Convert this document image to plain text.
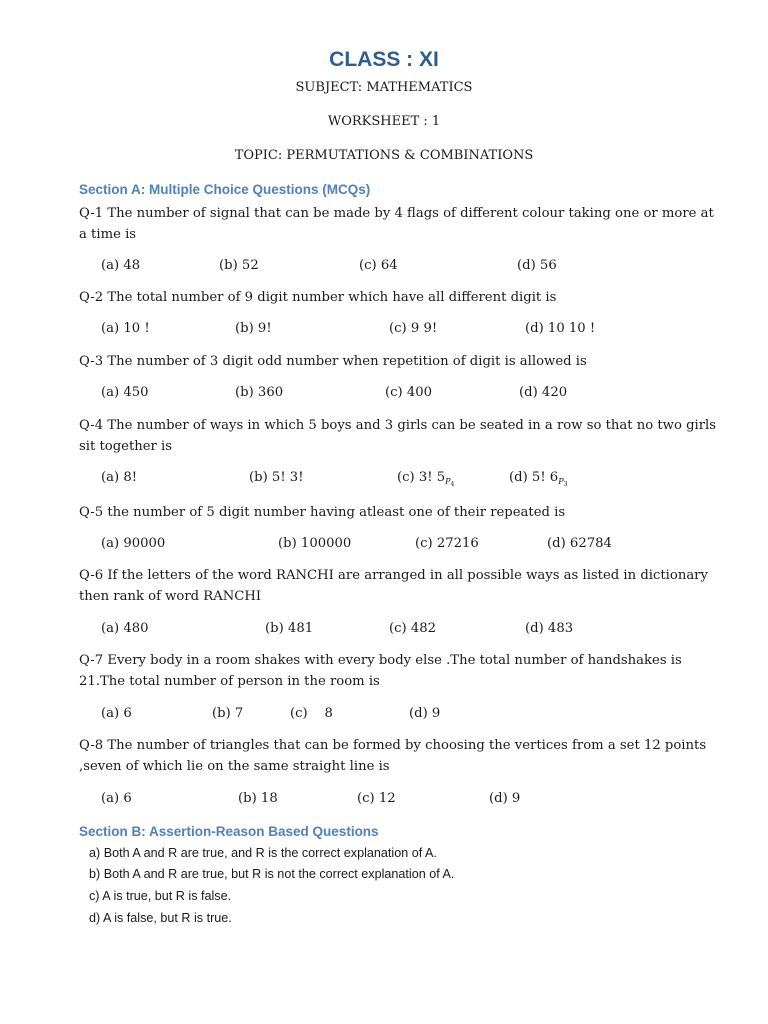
CLASS : XI

SUBJECT: MATHEMATICS

WORKSHEET : 1

TOPIC: PERMUTATIONS & COMBINATIONS

Section A: Multiple Choice Questions (MCQs)

Q-1 The number of signal that can be made by 4 flags of different colour taking one or more at a time is

(a) 48	(b) 52	(c) 64	(d) 56

Q-2 The total number of 9 digit number which have all different digit is

(a) 10 !	(b) 9!	(c) 9 9!	(d) 10 10 !

Q-3 The number of 3 digit odd number when repetition of digit is allowed is

(a) 450	(b) 360	(c) 400	(d) 420

Q-4 The number of ways in which 5 boys and 3 girls can be seated in a row so that no two girls sit together is

(a) 8!	(b) 5! 3!	(c) 3! $5_{P4}$	(d) 5! $6_{P3}$

Q-5 the number of 5 digit number having atleast one of their repeated is

(a) 90000	(b) 100000	(c) 27216	(d) 62784

Q-6 If the letters of the word RANCHI are arranged in all possible ways as listed in dictionary then rank of word RANCHI

(a) 480	(b) 481	(c) 482	(d) 483

Q-7 Every body in a room shakes with every body else .The total number of handshakes is 21.The total number of person in the room is

(a) 6	(b) 7	(c)    8	(d) 9

Q-8 The number of triangles that can be formed by choosing the vertices from a set 12 points ,seven of which lie on the same straight line is

(a) 6	(b) 18	(c) 12	(d) 9
Section B: Assertion-Reason Based Questions

a) Both A and R are true, and R is the correct explanation of A.

b) Both A and R are true, but R is not the correct explanation of A.

c) A is true, but R is false.

d) A is false, but R is true.
